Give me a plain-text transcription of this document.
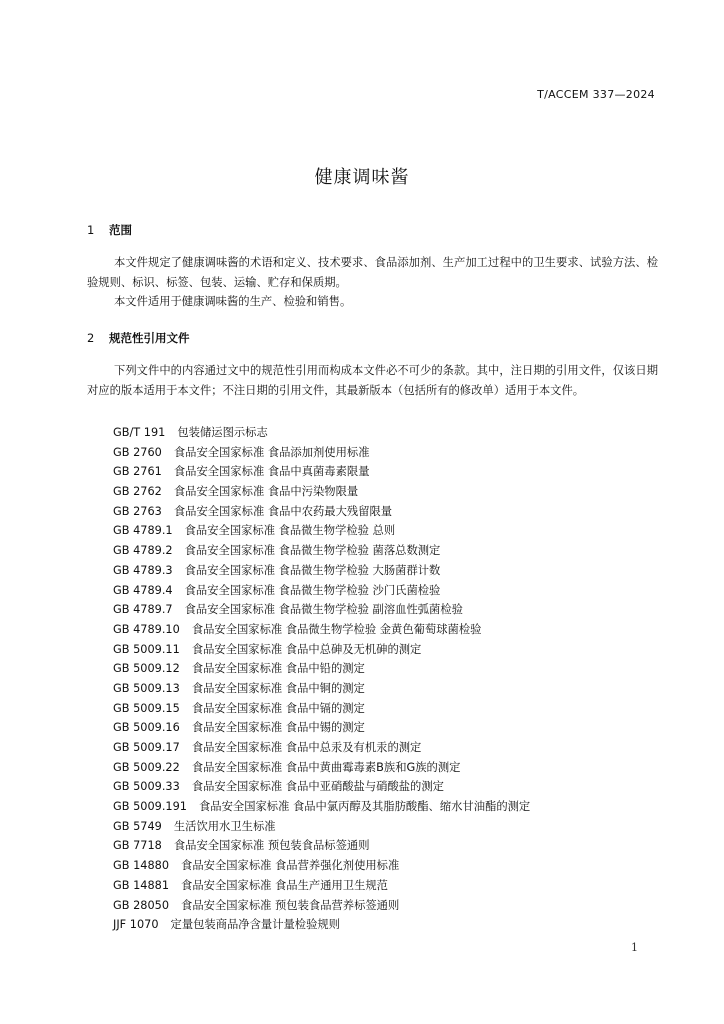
T/ACCEM 337—2024
健康调味酱
1 范围

本文件规定了健康调味酱的术语和定义、技术要求、食品添加剂、生产加工过程中的卫生要求、试验方法、检验规则、标识、标签、包装、运输、贮存和保质期。

本文件适用于健康调味酱的生产、检验和销售。

2 规范性引用文件

下列文件中的内容通过文中的规范性引用而构成本文件必不可少的条款。其中，注日期的引用文件，仅该日期对应的版本适用于本文件；不注日期的引用文件，其最新版本（包括所有的修改单）适用于本文件。

GB/T 191 包装储运图示标志
GB 2760 食品安全国家标准 食品添加剂使用标准
GB 2761 食品安全国家标准 食品中真菌毒素限量
GB 2762 食品安全国家标准 食品中污染物限量
GB 2763 食品安全国家标准 食品中农药最大残留限量
GB 4789.1 食品安全国家标准 食品微生物学检验 总则
GB 4789.2 食品安全国家标准 食品微生物学检验 菌落总数测定
GB 4789.3 食品安全国家标准 食品微生物学检验 大肠菌群计数
GB 4789.4 食品安全国家标准 食品微生物学检验 沙门氏菌检验
GB 4789.7 食品安全国家标准 食品微生物学检验 副溶血性弧菌检验
GB 4789.10 食品安全国家标准 食品微生物学检验 金黄色葡萄球菌检验
GB 5009.11 食品安全国家标准 食品中总砷及无机砷的测定
GB 5009.12 食品安全国家标准 食品中铅的测定
GB 5009.13 食品安全国家标准 食品中铜的测定
GB 5009.15 食品安全国家标准 食品中镉的测定
GB 5009.16 食品安全国家标准 食品中锡的测定
GB 5009.17 食品安全国家标准 食品中总汞及有机汞的测定
GB 5009.22 食品安全国家标准 食品中黄曲霉毒素B族和G族的测定
GB 5009.33 食品安全国家标准 食品中亚硝酸盐与硝酸盐的测定
GB 5009.191 食品安全国家标准 食品中氯丙醇及其脂肪酸酯、缩水甘油酯的测定
GB 5749 生活饮用水卫生标准
GB 7718 食品安全国家标准 预包装食品标签通则
GB 14880 食品安全国家标准 食品营养强化剂使用标准
GB 14881 食品安全国家标准 食品生产通用卫生规范
GB 28050 食品安全国家标准 预包装食品营养标签通则
JJF 1070 定量包装商品净含量计量检验规则
1
